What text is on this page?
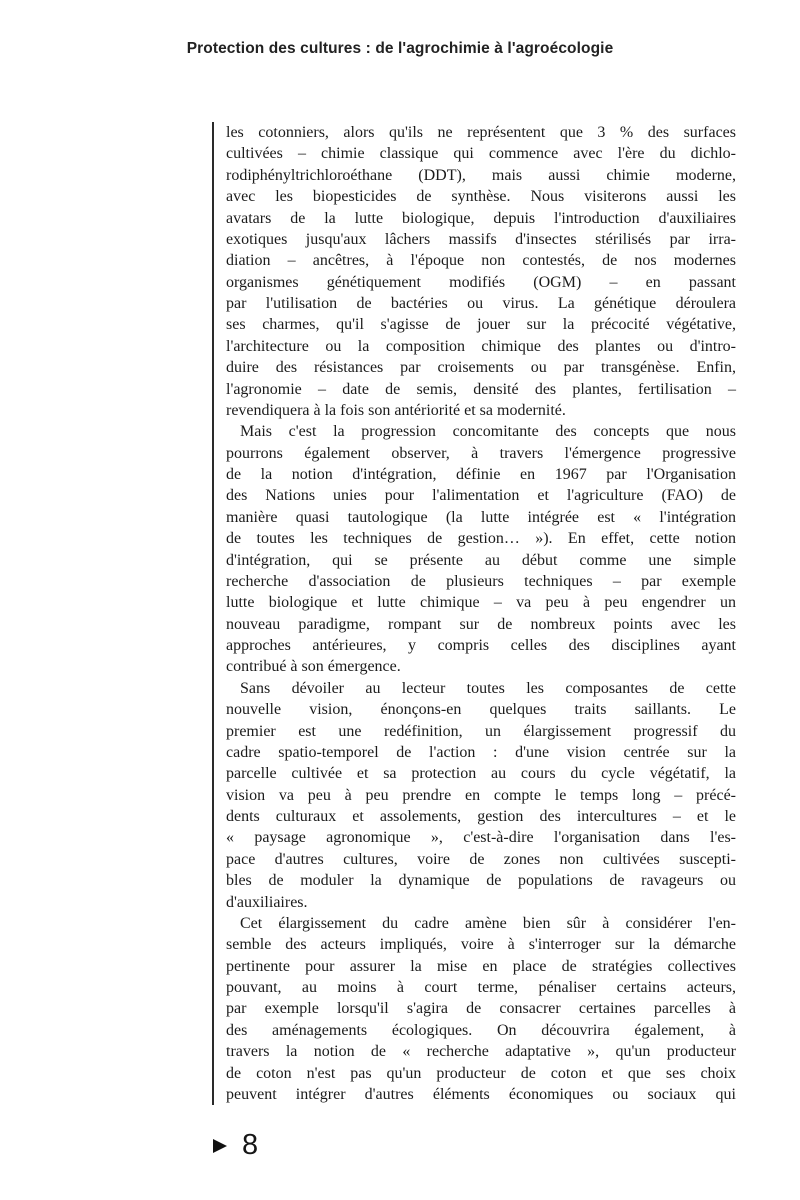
Protection des cultures : de l'agrochimie à l'agroécologie
les cotonniers, alors qu'ils ne représentent que 3 % des surfaces
cultivées – chimie classique qui commence avec l'ère du dichlo-
rodiphényltrichloroéthane (DDT), mais aussi chimie moderne,
avec les biopesticides de synthèse. Nous visiterons aussi les
avatars de la lutte biologique, depuis l'introduction d'auxiliaires
exotiques jusqu'aux lâchers massifs d'insectes stérilisés par irra-
diation – ancêtres, à l'époque non contestés, de nos modernes
organismes génétiquement modifiés (OGM) – en passant
par l'utilisation de bactéries ou virus. La génétique déroulera
ses charmes, qu'il s'agisse de jouer sur la précocité végétative,
l'architecture ou la composition chimique des plantes ou d'intro-
duire des résistances par croisements ou par transgénèse. Enfin,
l'agronomie – date de semis, densité des plantes, fertilisation –
revendiquera à la fois son antériorité et sa modernité.
Mais c'est la progression concomitante des concepts que nous
pourrons également observer, à travers l'émergence progressive
de la notion d'intégration, définie en 1967 par l'Organisation
des Nations unies pour l'alimentation et l'agriculture (FAO) de
manière quasi tautologique (la lutte intégrée est « l'intégration
de toutes les techniques de gestion… »). En effet, cette notion
d'intégration, qui se présente au début comme une simple
recherche d'association de plusieurs techniques – par exemple
lutte biologique et lutte chimique – va peu à peu engendrer un
nouveau paradigme, rompant sur de nombreux points avec les
approches antérieures, y compris celles des disciplines ayant
contribué à son émergence.
Sans dévoiler au lecteur toutes les composantes de cette
nouvelle vision, énonçons-en quelques traits saillants. Le
premier est une redéfinition, un élargissement progressif du
cadre spatio-temporel de l'action : d'une vision centrée sur la
parcelle cultivée et sa protection au cours du cycle végétatif, la
vision va peu à peu prendre en compte le temps long – précé-
dents culturaux et assolements, gestion des intercultures – et le
« paysage agronomique », c'est-à-dire l'organisation dans l'es-
pace d'autres cultures, voire de zones non cultivées suscepti-
bles de moduler la dynamique de populations de ravageurs ou
d'auxiliaires.
Cet élargissement du cadre amène bien sûr à considérer l'en-
semble des acteurs impliqués, voire à s'interroger sur la démarche
pertinente pour assurer la mise en place de stratégies collectives
pouvant, au moins à court terme, pénaliser certains acteurs,
par exemple lorsqu'il s'agira de consacrer certaines parcelles à
des aménagements écologiques. On découvrira également, à
travers la notion de « recherche adaptative », qu'un producteur
de coton n'est pas qu'un producteur de coton et que ses choix
peuvent intégrer d'autres éléments économiques ou sociaux qui
8
